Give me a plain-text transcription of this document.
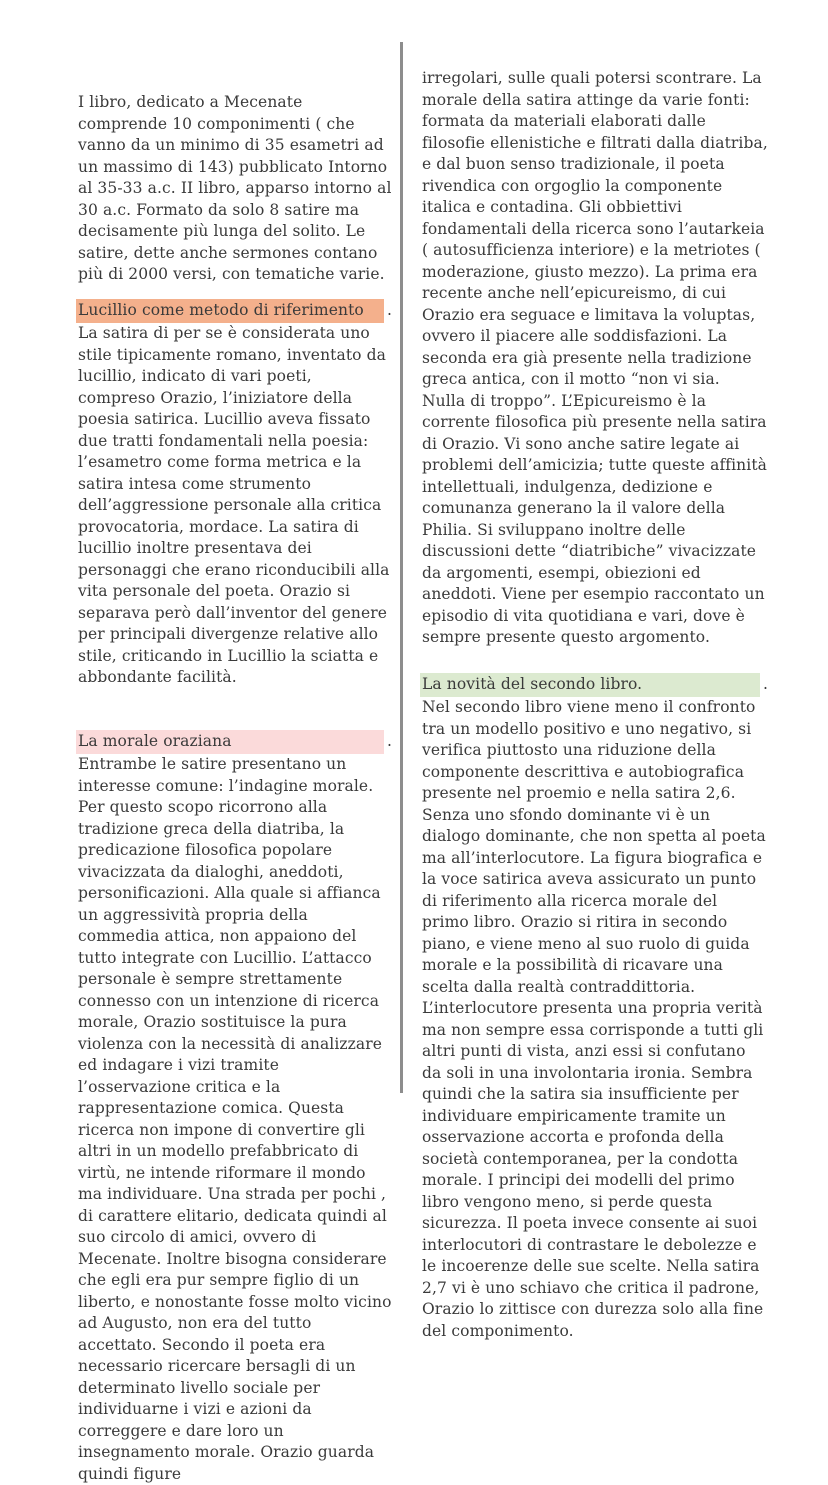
I libro, dedicato a Mecenate comprende 10 componimenti ( che vanno da un minimo di 35 esametri ad un massimo di 143) pubblicato Intorno al 35-33 a.c. II libro, apparso intorno al 30 a.c. Formato da solo 8 satire ma decisamente più lunga del solito. Le satire, dette anche sermones contano più di 2000 versi, con tematiche varie.

Lucillio come metodo di riferimento	.

La satira di per se è considerata uno stile tipicamente romano, inventato da lucillio, indicato di vari poeti, compreso Orazio, l’iniziatore della poesia satirica. Lucillio aveva fissato due tratti fondamentali nella poesia: l’esametro come forma metrica e la satira intesa come strumento dell’aggressione personale alla critica provocatoria, mordace. La satira di lucillio inoltre presentava dei personaggi che erano riconducibili alla vita personale del poeta. Orazio si separava però dall’inventor del genere per principali divergenze relative allo stile, criticando in Lucillio la sciatta e abbondante facilità.

La morale oraziana	.

Entrambe le satire presentano un interesse comune: l’indagine morale. Per questo scopo ricorrono alla tradizione greca della diatriba, la predicazione filosofica popolare vivacizzata da dialoghi, aneddoti, personificazioni. Alla quale si affianca un aggressività propria della commedia attica, non appaiono del tutto integrate con Lucillio. L’attacco personale è sempre strettamente connesso con un intenzione di ricerca morale, Orazio sostituisce la pura violenza con la necessità di analizzare ed indagare i vizi tramite l’osservazione critica e la rappresentazione comica. Questa ricerca non impone di convertire gli altri in un modello prefabbricato di virtù, ne intende riformare il mondo ma individuare. Una strada per pochi , di carattere elitario, dedicata quindi al suo circolo di amici, ovvero di Mecenate. Inoltre bisogna considerare che egli era pur sempre figlio di un liberto, e nonostante fosse molto vicino ad Augusto, non era del tutto accettato. Secondo il poeta era necessario ricercare bersagli di un determinato livello sociale per individuarne i vizi e azioni da correggere e dare loro un insegnamento morale. Orazio guarda quindi figure

irregolari, sulle quali potersi scontrare. La morale della satira attinge da varie fonti: formata da materiali elaborati dalle filosofie ellenistiche e filtrati dalla diatriba, e dal buon senso tradizionale, il poeta rivendica con orgoglio la componente italica e contadina. Gli obbiettivi fondamentali della ricerca sono l’autarkeia ( autosufficienza interiore) e la metriotes ( moderazione, giusto mezzo). La prima era recente anche nell’epicureismo, di cui Orazio era seguace e limitava la voluptas, ovvero il piacere alle soddisfazioni. La seconda era già presente nella tradizione greca antica, con il motto “non vi sia. Nulla di troppo”. L’Epicureismo è la corrente filosofica più presente nella satira di Orazio. Vi sono anche satire legate ai problemi dell’amicizia; tutte queste affinità intellettuali, indulgenza, dedizione e comunanza generano la il valore della Philia. Si sviluppano inoltre delle discussioni dette “diatribiche” vivacizzate da argomenti, esempi, obiezioni ed aneddoti. Viene per esempio raccontato un episodio di vita quotidiana e vari, dove è sempre presente questo argomento.

La novità del secondo libro.	.

Nel secondo libro viene meno il confronto tra un modello positivo e uno negativo, si verifica piuttosto una riduzione della componente descrittiva e autobiografica presente nel proemio e nella satira 2,6. Senza uno sfondo dominante vi è un dialogo dominante, che non spetta al poeta ma all’interlocutore. La figura biografica e la voce satirica aveva assicurato un punto di riferimento alla ricerca morale del primo libro. Orazio si ritira in secondo piano, e viene meno al suo ruolo di guida morale e la possibilità di ricavare una scelta dalla realtà contraddittoria. L’interlocutore presenta una propria verità ma non sempre essa corrisponde a tutti gli altri punti di vista, anzi essi si confutano da soli in una involontaria ironia. Sembra quindi che la satira sia insufficiente per individuare empiricamente tramite un osservazione accorta e profonda della società contemporanea, per la condotta morale. I principi dei modelli del primo libro vengono meno, si perde questa sicurezza. Il poeta invece consente ai suoi interlocutori di contrastare le debolezze e le incoerenze delle sue scelte. Nella satira 2,7 vi è uno schiavo che critica il padrone, Orazio lo zittisce con durezza solo alla fine del componimento.
